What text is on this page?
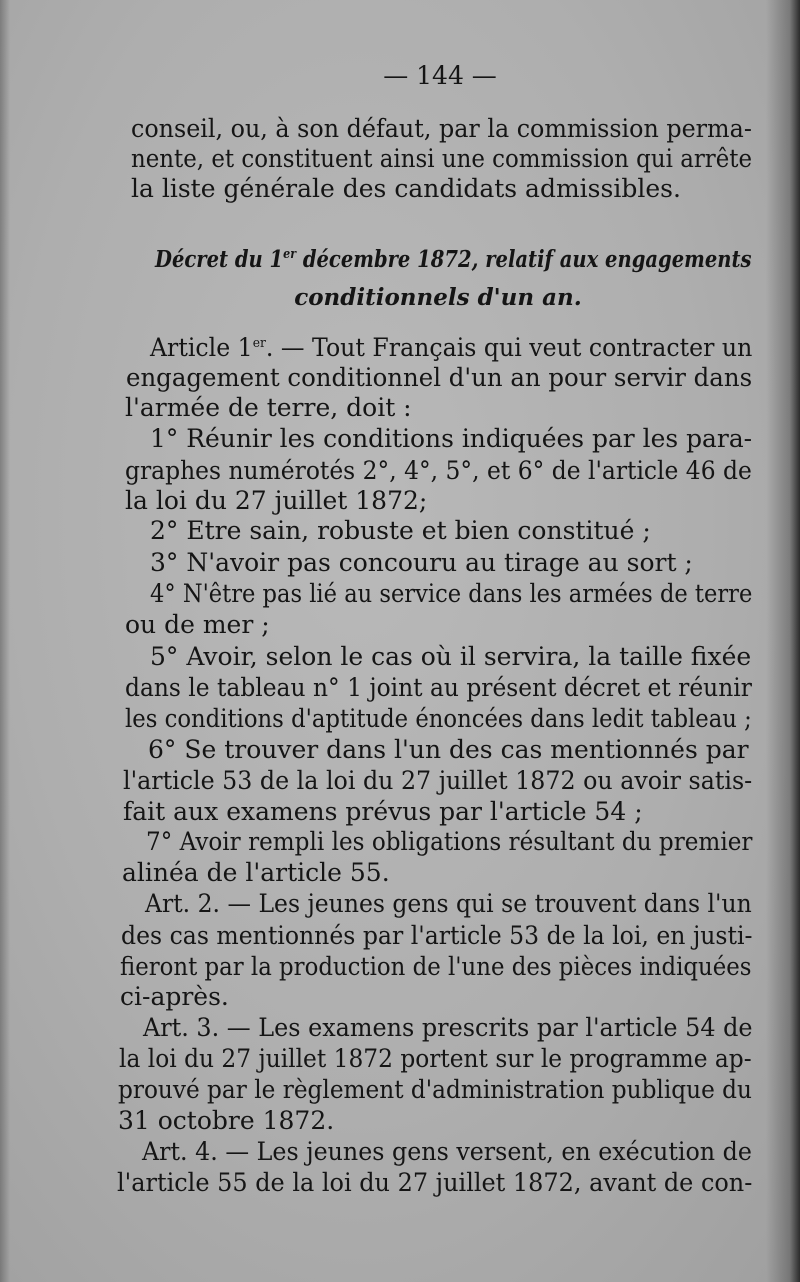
— 144 —
conseil, ou, à son défaut, par la commission perma-
nente, et constituent ainsi une commission qui arrête
la liste générale des candidats admissibles.
Décret du 1er décembre 1872, relatif aux engagements
conditionnels d'un an.
Article 1er. — Tout Français qui veut contracter un
engagement conditionnel d'un an pour servir dans
l'armée de terre, doit :
1° Réunir les conditions indiquées par les para-
graphes numérotés 2°, 4°, 5°, et 6° de l'article 46 de
la loi du 27 juillet 1872;
2° Etre sain, robuste et bien constitué ;
3° N'avoir pas concouru au tirage au sort ;
4° N'être pas lié au service dans les armées de terre
ou de mer ;
5° Avoir, selon le cas où il servira, la taille fixée
dans le tableau n° 1 joint au présent décret et réunir
les conditions d'aptitude énoncées dans ledit tableau ;
6° Se trouver dans l'un des cas mentionnés par
l'article 53 de la loi du 27 juillet 1872 ou avoir satis-
fait aux examens prévus par l'article 54 ;
7° Avoir rempli les obligations résultant du premier
alinéa de l'article 55.
Art. 2. — Les jeunes gens qui se trouvent dans l'un
des cas mentionnés par l'article 53 de la loi, en justi-
fieront par la production de l'une des pièces indiquées
ci-après.
Art. 3. — Les examens prescrits par l'article 54 de
la loi du 27 juillet 1872 portent sur le programme ap-
prouvé par le règlement d'administration publique du
31 octobre 1872.
Art. 4. — Les jeunes gens versent, en exécution de
l'article 55 de la loi du 27 juillet 1872, avant de con-
